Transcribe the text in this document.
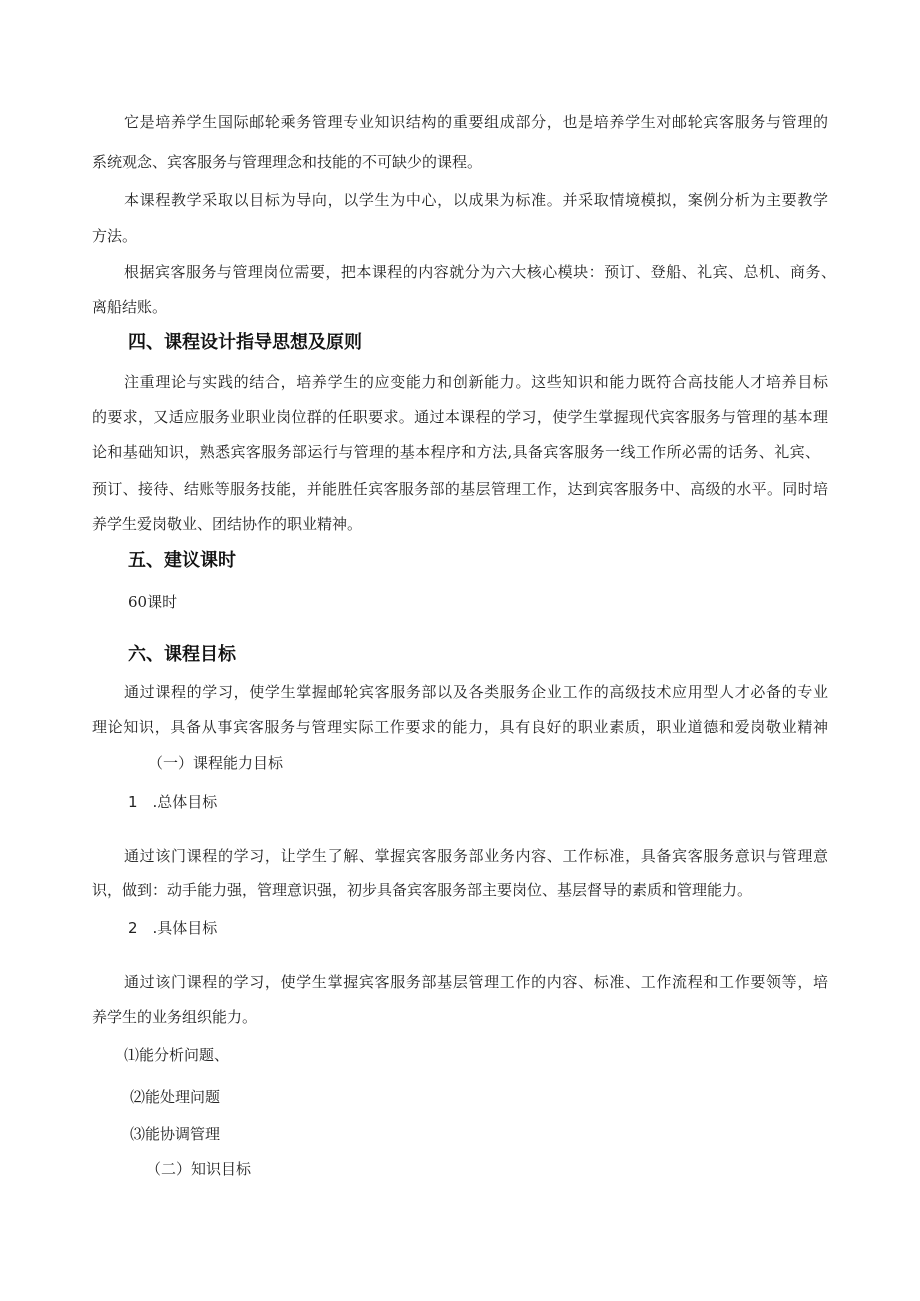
它是培养学生国际邮轮乘务管理专业知识结构的重要组成部分，也是培养学生对邮轮宾客服务与管理的
系统观念、宾客服务与管理理念和技能的不可缺少的课程。
本课程教学采取以目标为导向，以学生为中心，以成果为标准。并采取情境模拟，案例分析为主要教学
方法。
根据宾客服务与管理岗位需要，把本课程的内容就分为六大核心模块：预订、登船、礼宾、总机、商务、
离船结账。
四、课程设计指导思想及原则
注重理论与实践的结合，培养学生的应变能力和创新能力。这些知识和能力既符合高技能人才培养目标
的要求，又适应服务业职业岗位群的任职要求。通过本课程的学习，使学生掌握现代宾客服务与管理的基本理
论和基础知识，熟悉宾客服务部运行与管理的基本程序和方法,具备宾客服务一线工作所必需的话务、礼宾、
预订、接待、结账等服务技能，并能胜任宾客服务部的基层管理工作，达到宾客服务中、高级的水平。同时培
养学生爱岗敬业、团结协作的职业精神。
五、建议课时
60课时
六、课程目标
通过课程的学习，使学生掌握邮轮宾客服务部以及各类服务企业工作的高级技术应用型人才必备的专业
理论知识，具备从事宾客服务与管理实际工作要求的能力，具有良好的职业素质，职业道德和爱岗敬业精神
（一）课程能力目标
1　.总体目标
通过该门课程的学习，让学生了解、掌握宾客服务部业务内容、工作标准，具备宾客服务意识与管理意
识，做到：动手能力强，管理意识强，初步具备宾客服务部主要岗位、基层督导的素质和管理能力。
2　.具体目标
通过该门课程的学习，使学生掌握宾客服务部基层管理工作的内容、标准、工作流程和工作要领等，培
养学生的业务组织能力。
⑴能分析问题、
⑵能处理问题
⑶能协调管理
（二）知识目标
